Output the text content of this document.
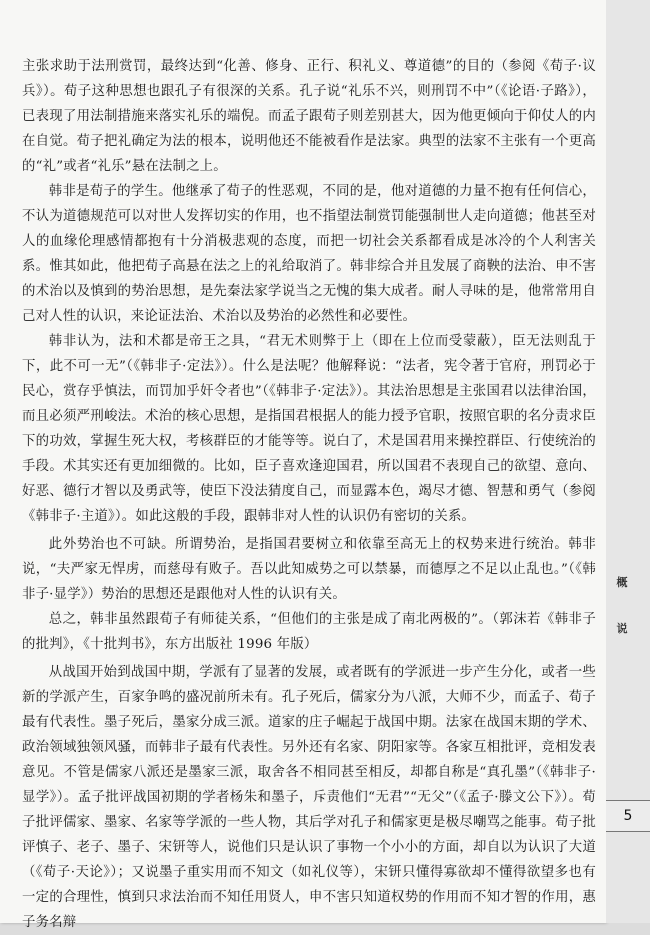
主张求助于法刑赏罚，最终达到“化善、修身、正行、积礼义、尊道德”的目的（参阅《荀子·议兵》）。荀子这种思想也跟孔子有很深的关系。孔子说“礼乐不兴，则刑罚不中”（《论语·子路》），已表现了用法制措施来落实礼乐的端倪。而孟子跟荀子则差别甚大，因为他更倾向于仰仗人的内在自觉。荀子把礼确定为法的根本，说明他还不能被看作是法家。典型的法家不主张有一个更高的“礼”或者“礼乐”悬在法制之上。

韩非是荀子的学生。他继承了荀子的性恶观，不同的是，他对道德的力量不抱有任何信心，不认为道德规范可以对世人发挥切实的作用，也不指望法制赏罚能强制世人走向道德；他甚至对人的血缘伦理感情都抱有十分消极悲观的态度，而把一切社会关系都看成是冰冷的个人利害关系。惟其如此，他把荀子高悬在法之上的礼给取消了。韩非综合并且发展了商鞅的法治、申不害的术治以及慎到的势治思想，是先秦法家学说当之无愧的集大成者。耐人寻味的是，他常常用自己对人性的认识，来论证法治、术治以及势治的必然性和必要性。

韩非认为，法和术都是帝王之具，“君无术则弊于上（即在上位而受蒙蔽），臣无法则乱于下，此不可一无”（《韩非子·定法》）。什么是法呢？他解释说：“法者，宪令著于官府，刑罚必于民心，赏存乎慎法，而罚加乎奸令者也”（《韩非子·定法》）。其法治思想是主张国君以法律治国，而且必须严刑峻法。术治的核心思想，是指国君根据人的能力授予官职，按照官职的名分责求臣下的功效，掌握生死大权，考核群臣的才能等等。说白了，术是国君用来操控群臣、行使统治的手段。术其实还有更加细微的。比如，臣子喜欢逢迎国君，所以国君不表现自己的欲望、意向、好恶、德行才智以及勇武等，使臣下没法猜度自己，而显露本色，竭尽才德、智慧和勇气（参阅《韩非子·主道》）。如此这般的手段，跟韩非对人性的认识仍有密切的关系。

此外势治也不可缺。所谓势治，是指国君要树立和依靠至高无上的权势来进行统治。韩非说，“夫严家无悍虏，而慈母有败子。吾以此知威势之可以禁暴，而德厚之不足以止乱也。”（《韩非子·显学》）势治的思想还是跟他对人性的认识有关。

总之，韩非虽然跟荀子有师徒关系，“但他们的主张是成了南北两极的”。（郭沫若《韩非子的批判》，《十批判书》，东方出版社 1996 年版）

从战国开始到战国中期，学派有了显著的发展，或者既有的学派进一步产生分化，或者一些新的学派产生，百家争鸣的盛况前所未有。孔子死后，儒家分为八派，大师不少，而孟子、荀子最有代表性。墨子死后，墨家分成三派。道家的庄子崛起于战国中期。法家在战国末期的学术、政治领域独领风骚，而韩非子最有代表性。另外还有名家、阴阳家等。各家互相批评，竞相发表意见。不管是儒家八派还是墨家三派，取舍各不相同甚至相反，却都自称是“真孔墨”（《韩非子·显学》）。孟子批评战国初期的学者杨朱和墨子，斥责他们“无君”“无父”（《孟子·滕文公下》）。荀子批评儒家、墨家、名家等学派的一些人物，其后学对孔子和儒家更是极尽嘲骂之能事。荀子批评慎子、老子、墨子、宋钘等人，说他们只是认识了事物一个小小的方面，却自以为认识了大道（《荀子·天论》）；又说墨子重实用而不知文（如礼仪等），宋钘只懂得寡欲却不懂得欲望多也有一定的合理性，慎到只求法治而不知任用贤人，申不害只知道权势的作用而不知才智的作用，惠子务名辩

概
说
5
